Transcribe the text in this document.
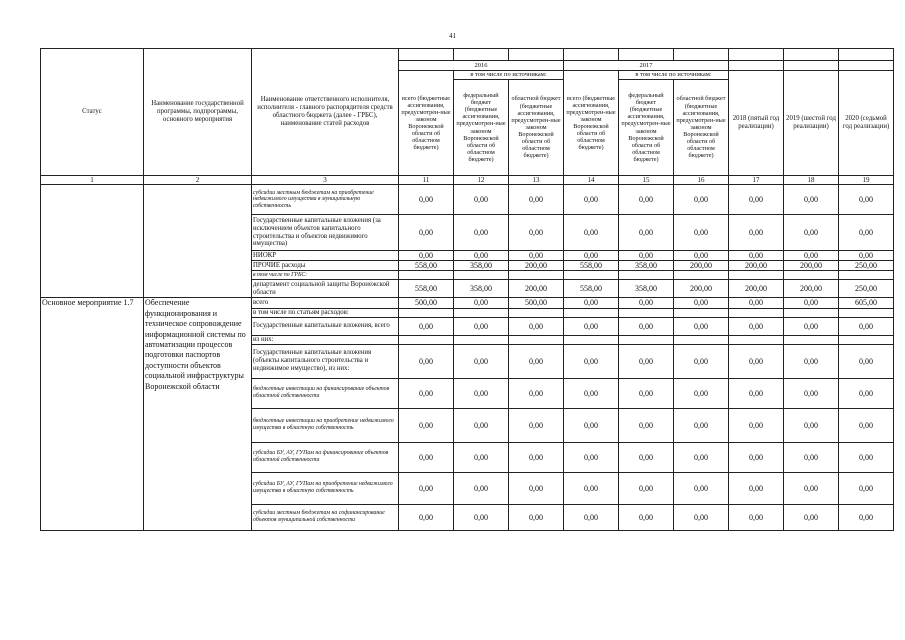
41
Статус	Наименование государственной программы, подпрограммы, основного мероприятия	Наименование ответственного исполнителя, исполнителя - главного распорядителя средств областного бюджета (далее - ГРБС), наименование статей расходов									
			2016			2017					
			всего (бюджетные ассигнования, предусмотрен-ные законом Воронежской области об областном бюджете)	в том числе по источникам:		всего (бюджетные ассигнования, предусмотрен-ные законом Воронежской области об областном бюджете)	в том числе по источникам:		2018 (пятый год реализации)	2019 (шестой год реализации)	2020 (седьмой год реализации)
				федеральный бюджет (бюджетные ассигнования, предусмотрен-ные законом Воронежской области об областном бюджете)	областной бюджет (бюджетные ассигнования, предусмотрен-ные законом Воронежской области об областном бюджете)		федеральный бюджет (бюджетные ассигнования, предусмотрен-ные законом Воронежской области об областном бюджете)	областной бюджет (бюджетные ассигнования, предусмотрен-ные законом Воронежской области об областном бюджете)			
1	2	3	11	12	13	14	15	16	17	18	19
		субсидии местным бюджетам на приобретение недвижимого имущества в муниципальную собственность	0,00	0,00	0,00	0,00	0,00	0,00	0,00	0,00	0,00
		Государственные капитальные вложения (за исключением объектов капитального строительства и объектов недвижимого имущества)	0,00	0,00	0,00	0,00	0,00	0,00	0,00	0,00	0,00
		НИОКР	0,00	0,00	0,00	0,00	0,00	0,00	0,00	0,00	0,00
		ПРОЧИЕ расходы	558,00	358,00	200,00	558,00	358,00	200,00	200,00	200,00	250,00
		в том числе по ГРБС:									
		департамент социальной защиты Воронежской области	558,00	358,00	200,00	558,00	358,00	200,00	200,00	200,00	250,00
Основное мероприятие 1.7	Обеспечение функционирования и техническое сопровождение информационной системы по автоматизации процессов подготовки паспортов доступности объектов социальной инфраструктуры Воронежской области	всего	500,00	0,00	500,00	0,00	0,00	0,00	0,00	0,00	605,00
		в том числе по статьям расходов:									
		Государственные капитальные вложения, всего	0,00	0,00	0,00	0,00	0,00	0,00	0,00	0,00	0,00
		из них:									
		Государственные капитальные вложения (объекты капитального строительства и недвижимое имущество), из них:	0,00	0,00	0,00	0,00	0,00	0,00	0,00	0,00	0,00
		бюджетные инвестиции на финансирование объектов областной собственности	0,00	0,00	0,00	0,00	0,00	0,00	0,00	0,00	0,00
		бюджетные инвестиции на приобретение недвижимого имущества в областную собственность	0,00	0,00	0,00	0,00	0,00	0,00	0,00	0,00	0,00
		субсидии БУ, АУ, ГУПам на финансирование объектов областной собственности	0,00	0,00	0,00	0,00	0,00	0,00	0,00	0,00	0,00
		субсидии БУ, АУ, ГУПам на приобретение недвижимого имущества в областную собственность	0,00	0,00	0,00	0,00	0,00	0,00	0,00	0,00	0,00
		субсидии местным бюджетам на софинансирование объектов муниципальной собственности	0,00	0,00	0,00	0,00	0,00	0,00	0,00	0,00	0,00
